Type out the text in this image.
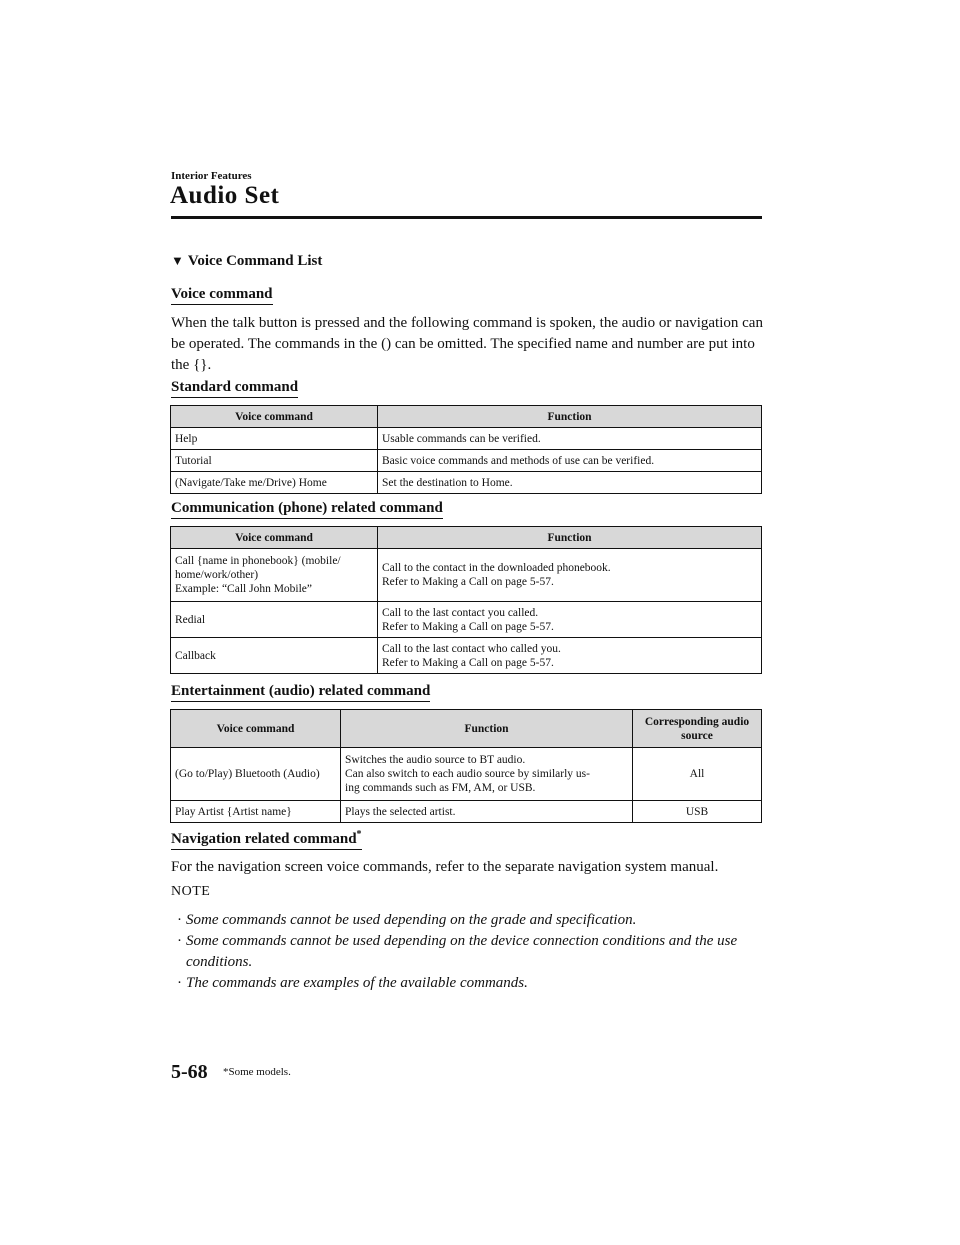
Interior Features
Audio Set
▼ Voice Command List
Voice command
When the talk button is pressed and the following command is spoken, the audio or navigation can be operated. The commands in the () can be omitted. The specified name and number are put into the {}.
Standard command
Voice command	Function
Help	Usable commands can be verified.
Tutorial	Basic voice commands and methods of use can be verified.
(Navigate/Take me/Drive) Home	Set the destination to Home.
Communication (phone) related command
Voice command	Function
Call {name in phonebook} (mobile/
home/work/other)
Example: “Call John Mobile”	Call to the contact in the downloaded phonebook.
Refer to Making a Call on page 5-57.
Redial	Call to the last contact you called.
Refer to Making a Call on page 5-57.
Callback	Call to the last contact who called you.
Refer to Making a Call on page 5-57.
Entertainment (audio) related command
Voice command	Function	Corresponding audio source
(Go to/Play) Bluetooth (Audio)	Switches the audio source to BT audio.
Can also switch to each audio source by similarly us-
ing commands such as FM, AM, or USB.	All
Play Artist {Artist name}	Plays the selected artist.	USB
Navigation related command*
For the navigation screen voice commands, refer to the separate navigation system manual.
NOTE
· Some commands cannot be used depending on the grade and specification.
· Some commands cannot be used depending on the device connection conditions and the use conditions.
· The commands are examples of the available commands.
5-68 *Some models.
